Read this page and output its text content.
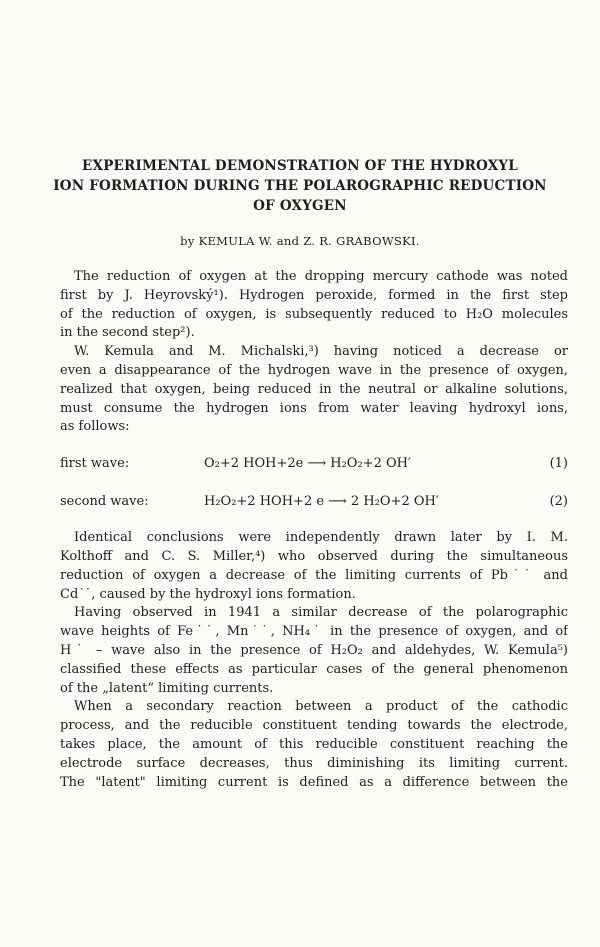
EXPERIMENTAL DEMONSTRATION OF THE HYDROXYL
ION FORMATION DURING THE POLAROGRAPHIC REDUCTION
OF OXYGEN
by KEMULA W. and Z. R. GRABOWSKI.
The reduction of oxygen at the dropping mercury cathode was noted
first by J. Heyrovský¹). Hydrogen peroxide, formed in the first step
of the reduction of oxygen, is subsequently reduced to H₂O molecules
in the second step²).
W. Kemula and M. Michalski,³) having noticed a decrease or
even a disappearance of the hydrogen wave in the presence of oxygen,
realized that oxygen, being reduced in the neutral or alkaline solutions,
must consume the hydrogen ions from water leaving hydroxyl ions,
as follows:
first wave:	O₂+2 HOH+2e ⟶ H₂O₂+2 OH′	(1)
second wave:	H₂O₂+2 HOH+2 e ⟶ 2 H₂O+2 OH′	(2)
Identical conclusions were independently drawn later by I. M.
Kolthoff and C. S. Miller,⁴) who observed during the simultaneous
reduction of oxygen a decrease of the limiting currents of Pb˙˙ and
Cd˙˙, caused by the hydroxyl ions formation.
Having observed in 1941 a similar decrease of the polarographic
wave heights of Fe˙˙, Mn˙˙, NH₄˙ in the presence of oxygen, and of
H˙ – wave also in the presence of H₂O₂ and aldehydes, W. Kemula⁵)
classified these effects as particular cases of the general phenomenon
of the „latent“ limiting currents.
When a secondary reaction between a product of the cathodic
process, and the reducible constituent tending towards the electrode,
takes place, the amount of this reducible constituent reaching the
electrode surface decreases, thus diminishing its limiting current.
The "latent" limiting current is defined as a difference between the
